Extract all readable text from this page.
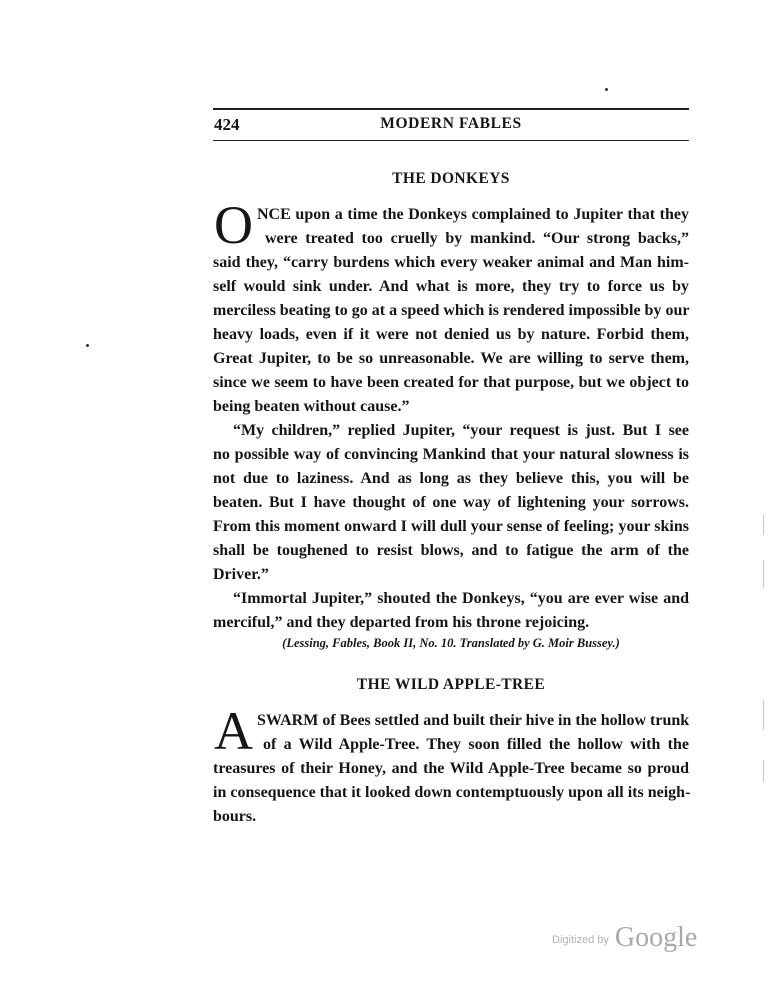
424	MODERN FABLES
THE DONKEYS
O NCE upon a time the Donkeys complained to Jupiter that they
were treated too cruelly by mankind. “Our strong backs,”
said they, “carry burdens which every weaker animal and Man him-
self would sink under. And what is more, they try to force us by
merciless beating to go at a speed which is rendered impossible by our
heavy loads, even if it were not denied us by nature. Forbid them,
Great Jupiter, to be so unreasonable. We are willing to serve them,
since we seem to have been created for that purpose, but we object to
being beaten without cause.”
“My children,” replied Jupiter, “your request is just. But I see
no possible way of convincing Mankind that your natural slowness is
not due to laziness. And as long as they believe this, you will be
beaten. But I have thought of one way of lightening your sorrows.
From this moment onward I will dull your sense of feeling; your skins
shall be toughened to resist blows, and to fatigue the arm of the
Driver.”
“Immortal Jupiter,” shouted the Donkeys, “you are ever wise and
merciful,” and they departed from his throne rejoicing.
(Lessing, Fables, Book II, No. 10. Translated by G. Moir Bussey.)
THE WILD APPLE-TREE
A SWARM of Bees settled and built their hive in the hollow trunk
of a Wild Apple-Tree. They soon filled the hollow with the
treasures of their Honey, and the Wild Apple-Tree became so proud
in consequence that it looked down contemptuously upon all its neigh-
bours.
Digitized by Google
